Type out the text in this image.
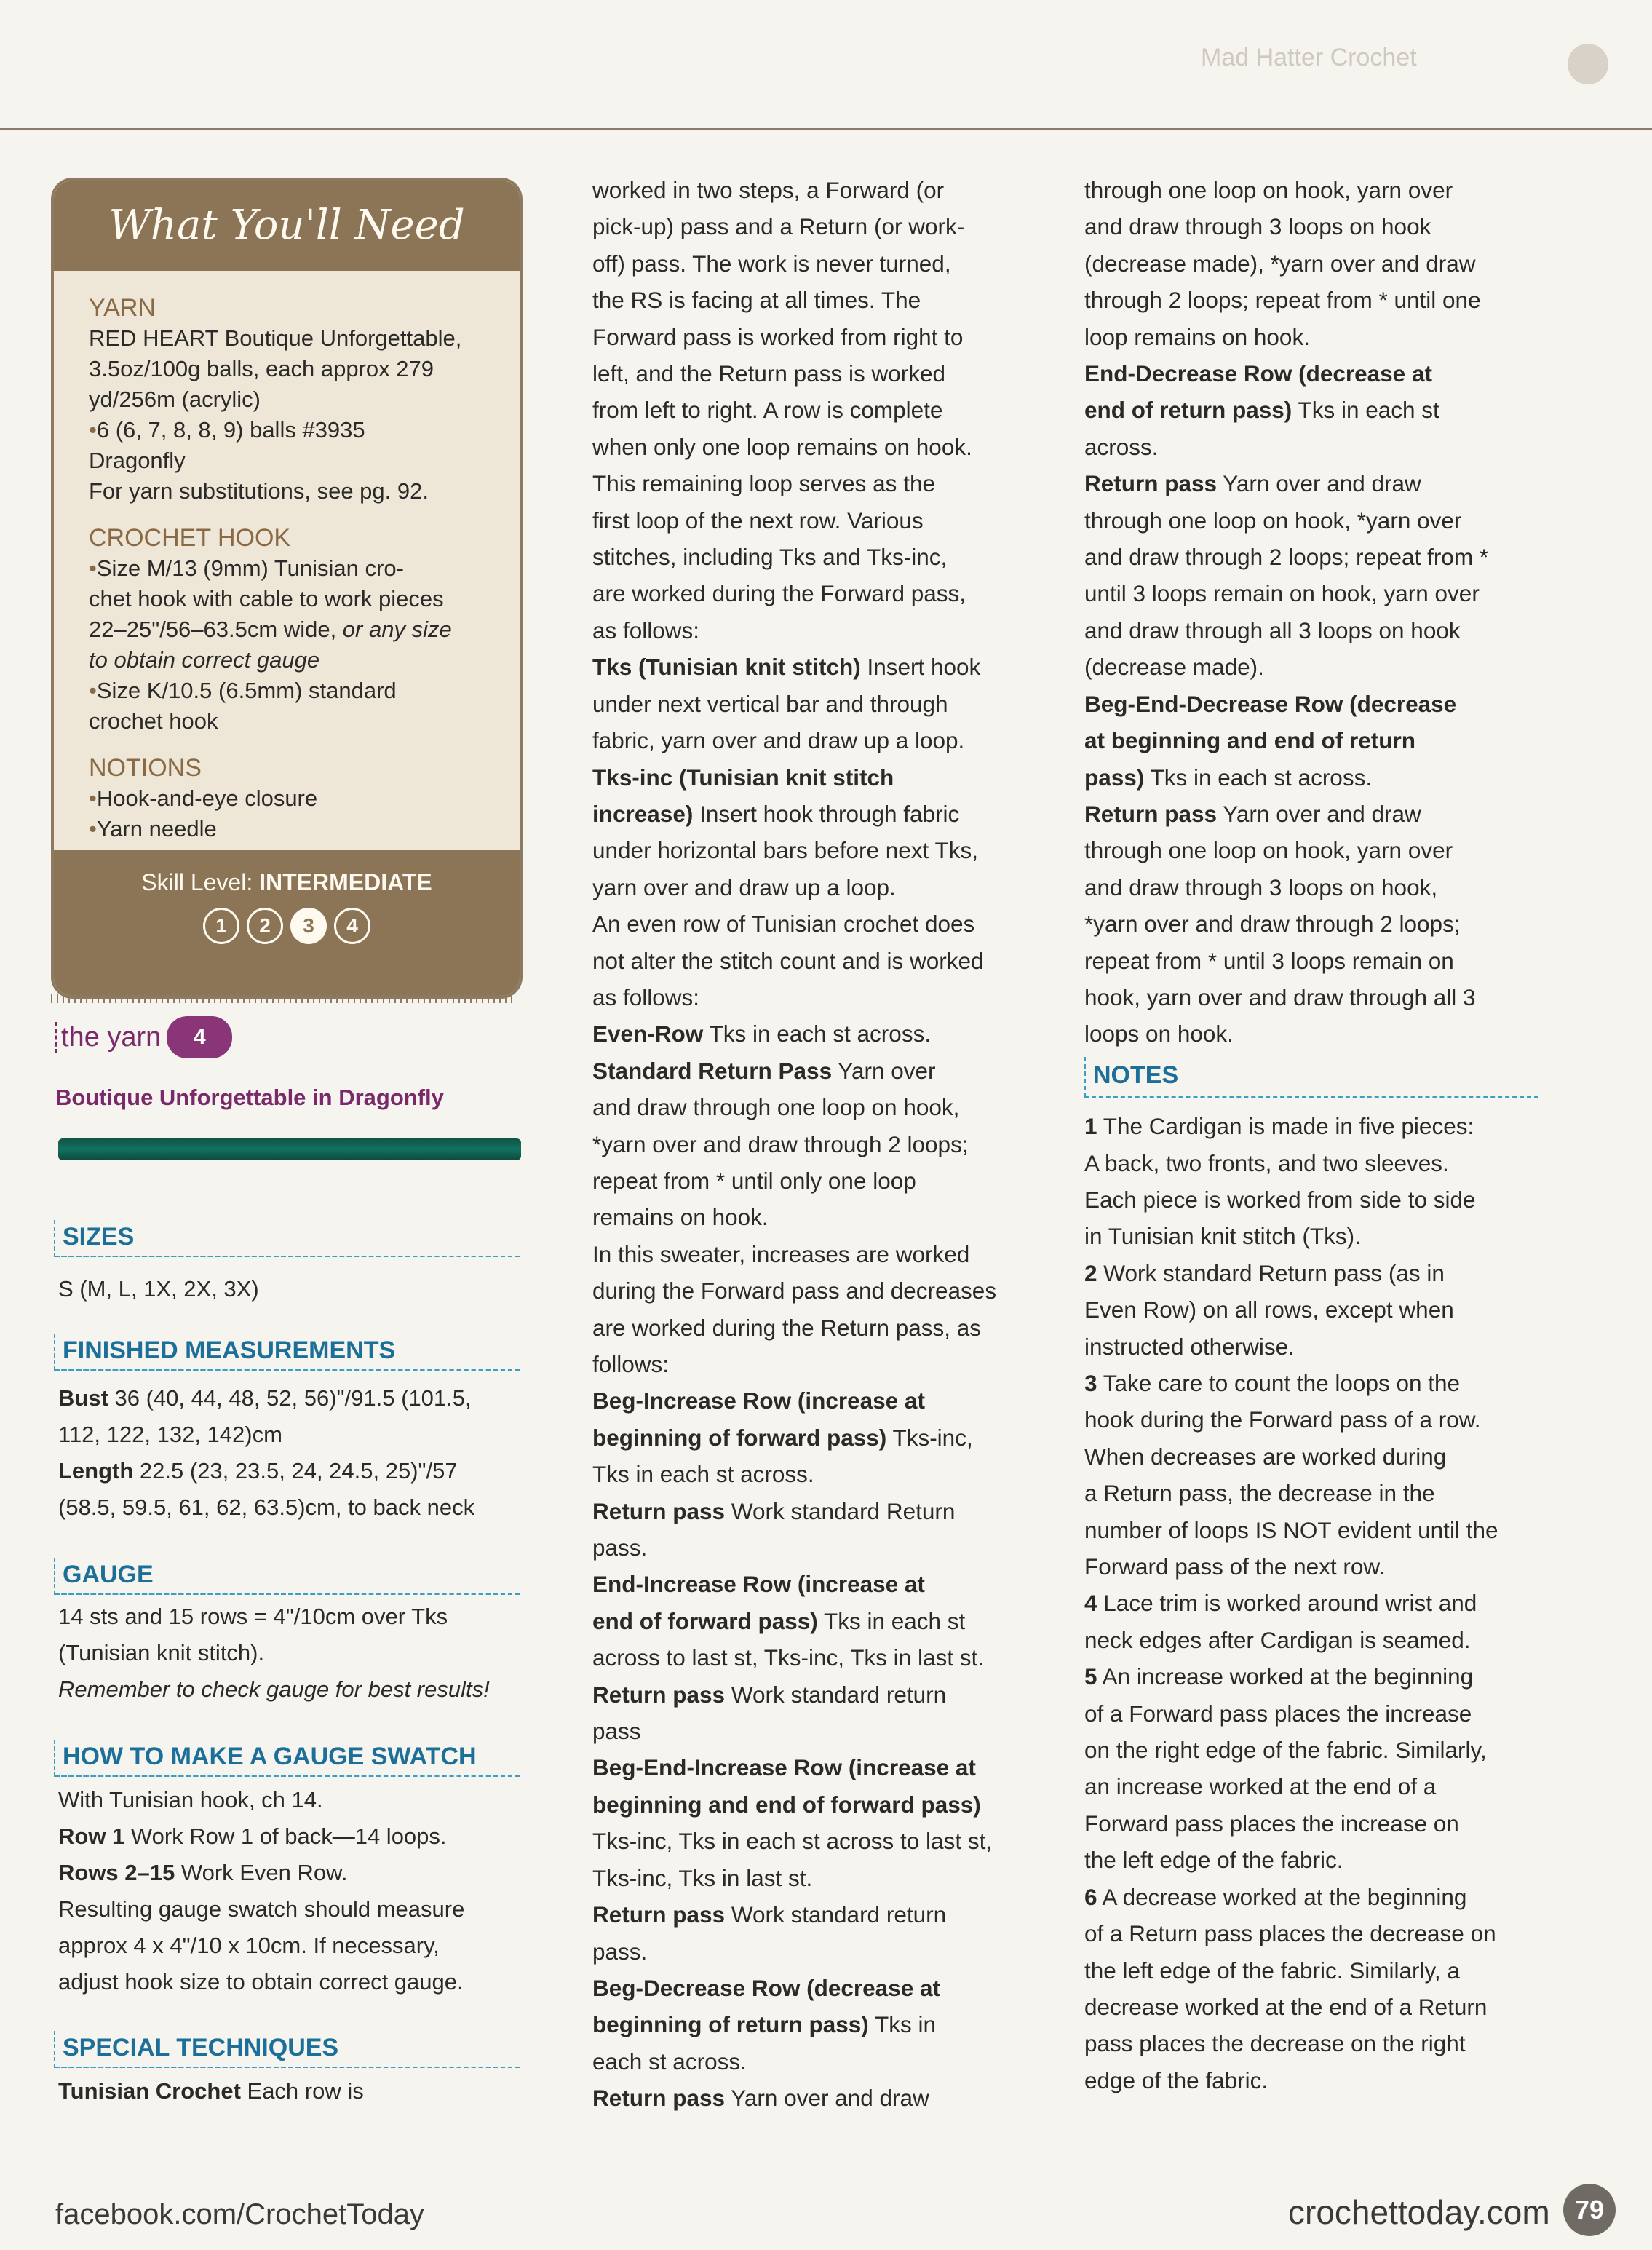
Mad Hatter Crochet
What You'll Need
YARN
RED HEART Boutique Unforgettable,
3.5oz/100g balls, each approx 279
yd/256m (acrylic)
• 6 (6, 7, 8, 8, 9) balls #3935
Dragonfly
For yarn substitutions, see pg. 92.
CROCHET HOOK
• Size M/13 (9mm) Tunisian cro-
chet hook with cable to work pieces
22–25"/56–63.5cm wide, or any size
to obtain correct gauge
• Size K/10.5 (6.5mm) standard
crochet hook
NOTIONS
• Hook-and-eye closure
• Yarn needle
Skill Level: INTERMEDIATE
1	2	3	4
the yarn	4
Boutique Unforgettable in Dragonfly
SIZES
S (M, L, 1X, 2X, 3X)
FINISHED MEASUREMENTS
Bust 36 (40, 44, 48, 52, 56)"/91.5 (101.5,
112, 122, 132, 142)cm
Length 22.5 (23, 23.5, 24, 24.5, 25)"/57
(58.5, 59.5, 61, 62, 63.5)cm, to back neck
GAUGE
14 sts and 15 rows = 4"/10cm over Tks
(Tunisian knit stitch).
Remember to check gauge for best results!
HOW TO MAKE A GAUGE SWATCH
With Tunisian hook, ch 14.
Row 1 Work Row 1 of back—14 loops.
Rows 2–15 Work Even Row.
Resulting gauge swatch should measure
approx 4 x 4"/10 x 10cm. If necessary,
adjust hook size to obtain correct gauge.
SPECIAL TECHNIQUES
Tunisian Crochet Each row is

worked in two steps, a Forward (or

pick-up) pass and a Return (or work-

off) pass. The work is never turned,

the RS is facing at all times. The

Forward pass is worked from right to

left, and the Return pass is worked

from left to right. A row is complete

when only one loop remains on hook.

This remaining loop serves as the

first loop of the next row. Various

stitches, including Tks and Tks-inc,

are worked during the Forward pass,

as follows:

Tks (Tunisian knit stitch) Insert hook

under next vertical bar and through

fabric, yarn over and draw up a loop.

Tks-inc (Tunisian knit stitch

increase) Insert hook through fabric

under horizontal bars before next Tks,

yarn over and draw up a loop.

An even row of Tunisian crochet does

not alter the stitch count and is worked

as follows:

Even-Row Tks in each st across.

Standard Return Pass Yarn over

and draw through one loop on hook,

*yarn over and draw through 2 loops;

repeat from * until only one loop

remains on hook.

In this sweater, increases are worked

during the Forward pass and decreases

are worked during the Return pass, as

follows:

Beg-Increase Row (increase at

beginning of forward pass) Tks-inc,

Tks in each st across.

Return pass Work standard Return

pass.

End-Increase Row (increase at

end of forward pass) Tks in each st

across to last st, Tks-inc, Tks in last st.

Return pass Work standard return

pass

Beg-End-Increase Row (increase at

beginning and end of forward pass)

Tks-inc, Tks in each st across to last st,

Tks-inc, Tks in last st.

Return pass Work standard return

pass.

Beg-Decrease Row (decrease at

beginning of return pass) Tks in

each st across.

Return pass Yarn over and draw

through one loop on hook, yarn over

and draw through 3 loops on hook

(decrease made), *yarn over and draw

through 2 loops; repeat from * until one

loop remains on hook.

End-Decrease Row (decrease at

end of return pass) Tks in each st

across.

Return pass Yarn over and draw

through one loop on hook, *yarn over

and draw through 2 loops; repeat from *

until 3 loops remain on hook, yarn over

and draw through all 3 loops on hook

(decrease made).

Beg-End-Decrease Row (decrease

at beginning and end of return

pass) Tks in each st across.

Return pass Yarn over and draw

through one loop on hook, yarn over

and draw through 3 loops on hook,

*yarn over and draw through 2 loops;

repeat from * until 3 loops remain on

hook, yarn over and draw through all 3

loops on hook.

NOTES

1 The Cardigan is made in five pieces:

A back, two fronts, and two sleeves.

Each piece is worked from side to side

in Tunisian knit stitch (Tks).

2 Work standard Return pass (as in

Even Row) on all rows, except when

instructed otherwise.

3 Take care to count the loops on the

hook during the Forward pass of a row.

When decreases are worked during

a Return pass, the decrease in the

number of loops IS NOT evident until the

Forward pass of the next row.

4 Lace trim is worked around wrist and

neck edges after Cardigan is seamed.

5 An increase worked at the beginning

of a Forward pass places the increase

on the right edge of the fabric. Similarly,

an increase worked at the end of a

Forward pass places the increase on

the left edge of the fabric.

6 A decrease worked at the beginning

of a Return pass places the decrease on

the left edge of the fabric. Similarly, a

decrease worked at the end of a Return

pass places the decrease on the right

edge of the fabric.

facebook.com/CrochetToday	crochettoday.com 79
